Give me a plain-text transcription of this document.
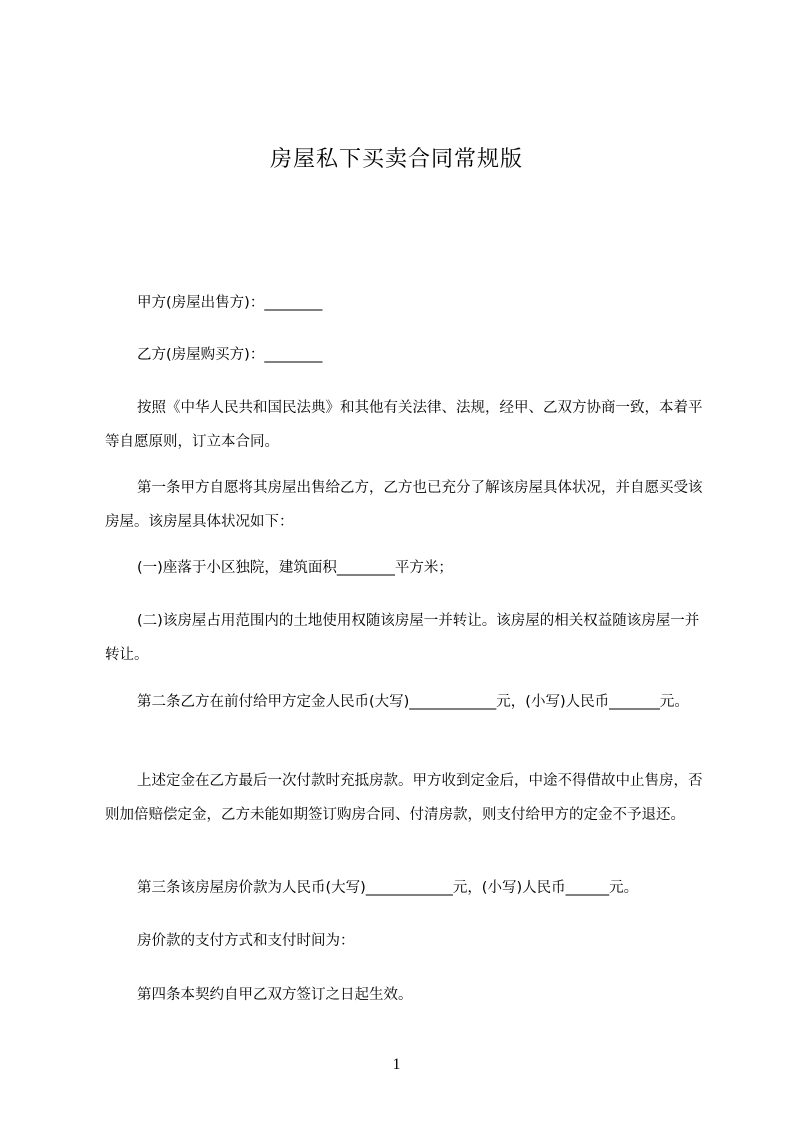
房屋私下买卖合同常规版
甲方(房屋出售方)：________
乙方(房屋购买方)：________
按照《中华人民共和国民法典》和其他有关法律、法规，经甲、乙双方协商一致，本着平等自愿原则，订立本合同。
第一条甲方自愿将其房屋出售给乙方，乙方也已充分了解该房屋具体状况，并自愿买受该房屋。该房屋具体状况如下：
(一)座落于小区独院，建筑面积________平方米；
(二)该房屋占用范围内的土地使用权随该房屋一并转让。该房屋的相关权益随该房屋一并转让。
第二条乙方在前付给甲方定金人民币(大写)____________元，(小写)人民币_______元。
上述定金在乙方最后一次付款时充抵房款。甲方收到定金后，中途不得借故中止售房，否则加倍赔偿定金，乙方未能如期签订购房合同、付清房款，则支付给甲方的定金不予退还。
第三条该房屋房价款为人民币(大写)____________元，(小写)人民币______元。
房价款的支付方式和支付时间为：
第四条本契约自甲乙双方签订之日起生效。
1
